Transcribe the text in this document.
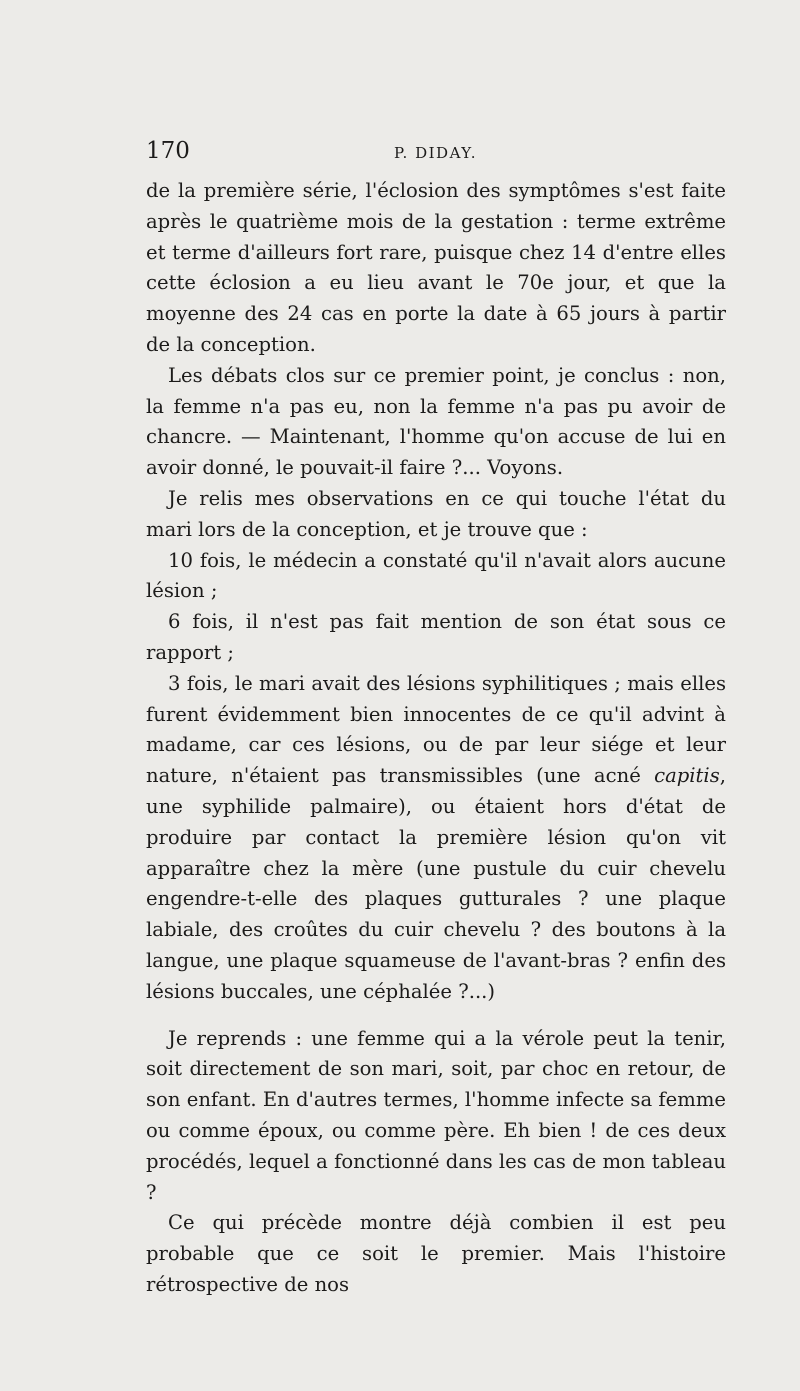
170	P. DIDAY.

de la première série, l'éclosion des symptômes s'est faite après le quatrième mois de la gestation : terme extrême et terme d'ailleurs fort rare, puisque chez 14 d'entre elles cette éclosion a eu lieu avant le 70e jour, et que la moyenne des 24 cas en porte la date à 65 jours à partir de la conception.

Les débats clos sur ce premier point, je conclus : non, la femme n'a pas eu, non la femme n'a pas pu avoir de chancre. — Maintenant, l'homme qu'on accuse de lui en avoir donné, le pouvait-il faire ?... Voyons.

Je relis mes observations en ce qui touche l'état du mari lors de la conception, et je trouve que :

10 fois, le médecin a constaté qu'il n'avait alors aucune lésion ;

6 fois, il n'est pas fait mention de son état sous ce rapport ;

3 fois, le mari avait des lésions syphilitiques ; mais elles furent évidemment bien innocentes de ce qu'il advint à madame, car ces lésions, ou de par leur siége et leur nature, n'étaient pas transmissibles (une acné capitis, une syphilide palmaire), ou étaient hors d'état de produire par contact la première lésion qu'on vit apparaître chez la mère (une pustule du cuir chevelu engendre-t-elle des plaques gutturales ? une plaque labiale, des croûtes du cuir chevelu ? des boutons à la langue, une plaque squameuse de l'avant-bras ? enfin des lésions buccales, une céphalée ?...)

Je reprends : une femme qui a la vérole peut la tenir, soit directement de son mari, soit, par choc en retour, de son enfant. En d'autres termes, l'homme infecte sa femme ou comme époux, ou comme père. Eh bien ! de ces deux procédés, lequel a fonctionné dans les cas de mon tableau ?

Ce qui précède montre déjà combien il est peu probable que ce soit le premier. Mais l'histoire rétrospective de nos
